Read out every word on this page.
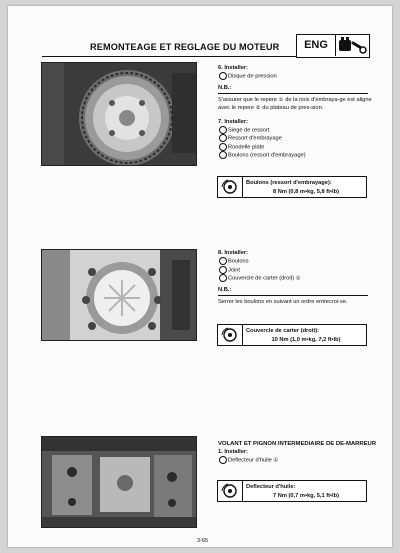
REMONTEAGE ET REGLAGE DU MOTEUR	ENG
6. Installer:
Disque de pression
N.B.:
S'assurer que le repere ① de la noix d'embraya-ge est aligne avec le repere ② du plateau de pres-sion.
7. Installer:
Siege de ressort
Ressort d'embrayage
Rondelle plate
Boulons (ressort d'embrayage)
Boulons (ressort d'embrayage):
8 Nm (0,8 m•kg, 5,8 ft•lb)
8. Installer:
Boulons
Joint
Couvercle de carter (droit) ①
N.B.:
Serrer les boulons en suivant un ordre entrecroi-se.
Couvercle de carter (droit):
10 Nm (1,0 m•kg, 7,2 ft•lb)
VOLANT ET PIGNON INTERMEDIAIRE DE DE-MARREUR
1. Installer:
Deflecteur d'huile ①
Deflecteur d'huile:
7 Nm (0,7 m•kg, 5,1 ft•lb)
3-65
